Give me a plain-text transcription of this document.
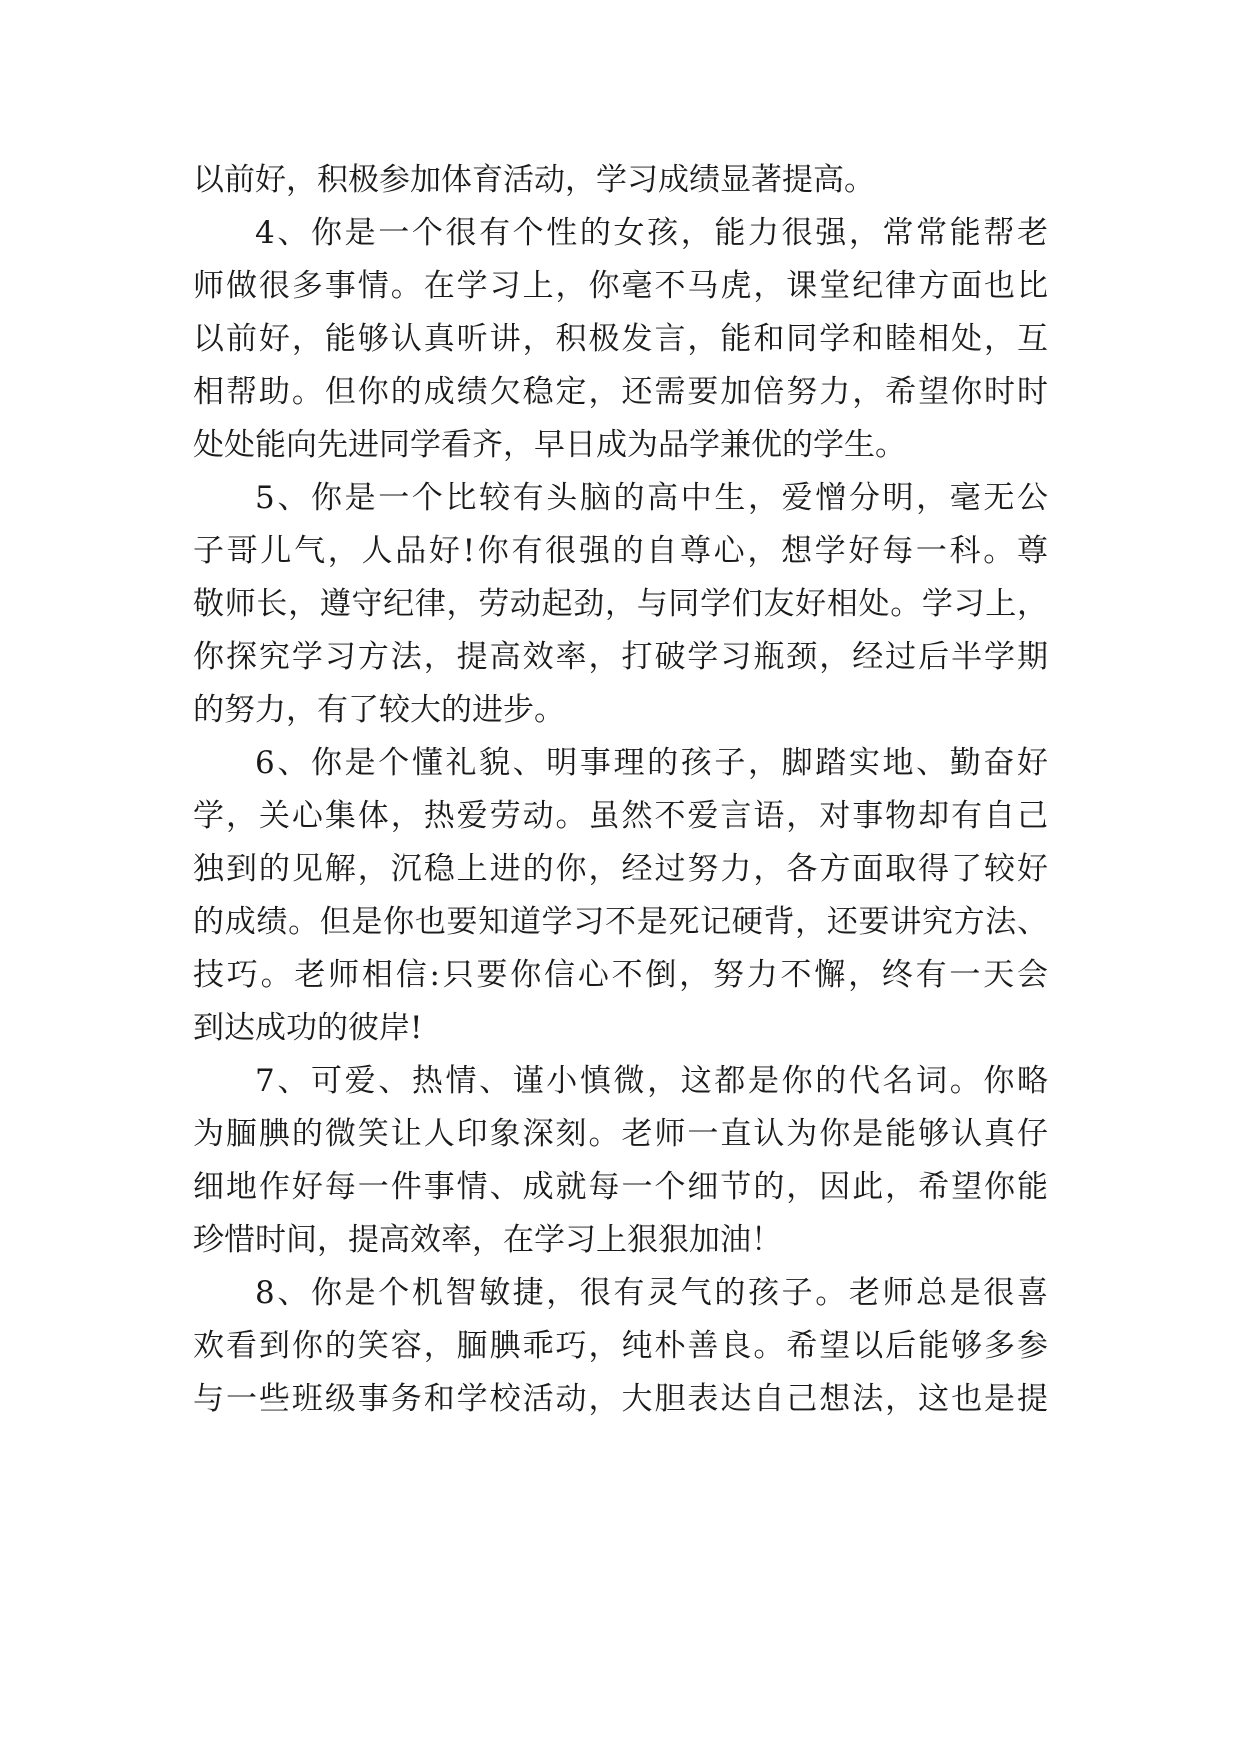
以前好，积极参加体育活动，学习成绩显著提高。
4、你是一个很有个性的女孩，能力很强，常常能帮老
师做很多事情。在学习上，你毫不马虎，课堂纪律方面也比
以前好，能够认真听讲，积极发言，能和同学和睦相处，互
相帮助。但你的成绩欠稳定，还需要加倍努力，希望你时时
处处能向先进同学看齐，早日成为品学兼优的学生。
5、你是一个比较有头脑的高中生，爱憎分明，毫无公
子哥儿气，人品好!你有很强的自尊心，想学好每一科。尊
敬师长，遵守纪律，劳动起劲，与同学们友好相处。学习上，
你探究学习方法，提高效率，打破学习瓶颈，经过后半学期
的努力，有了较大的进步。
6、你是个懂礼貌、明事理的孩子，脚踏实地、勤奋好
学，关心集体，热爱劳动。虽然不爱言语，对事物却有自己
独到的见解，沉稳上进的你，经过努力，各方面取得了较好
的成绩。但是你也要知道学习不是死记硬背，还要讲究方法、
技巧。老师相信:只要你信心不倒，努力不懈，终有一天会
到达成功的彼岸!
7、可爱、热情、谨小慎微，这都是你的代名词。你略
为腼腆的微笑让人印象深刻。老师一直认为你是能够认真仔
细地作好每一件事情、成就每一个细节的，因此，希望你能
珍惜时间，提高效率，在学习上狠狠加油！
8、你是个机智敏捷，很有灵气的孩子。老师总是很喜
欢看到你的笑容，腼腆乖巧，纯朴善良。希望以后能够多参
与一些班级事务和学校活动，大胆表达自己想法，这也是提
